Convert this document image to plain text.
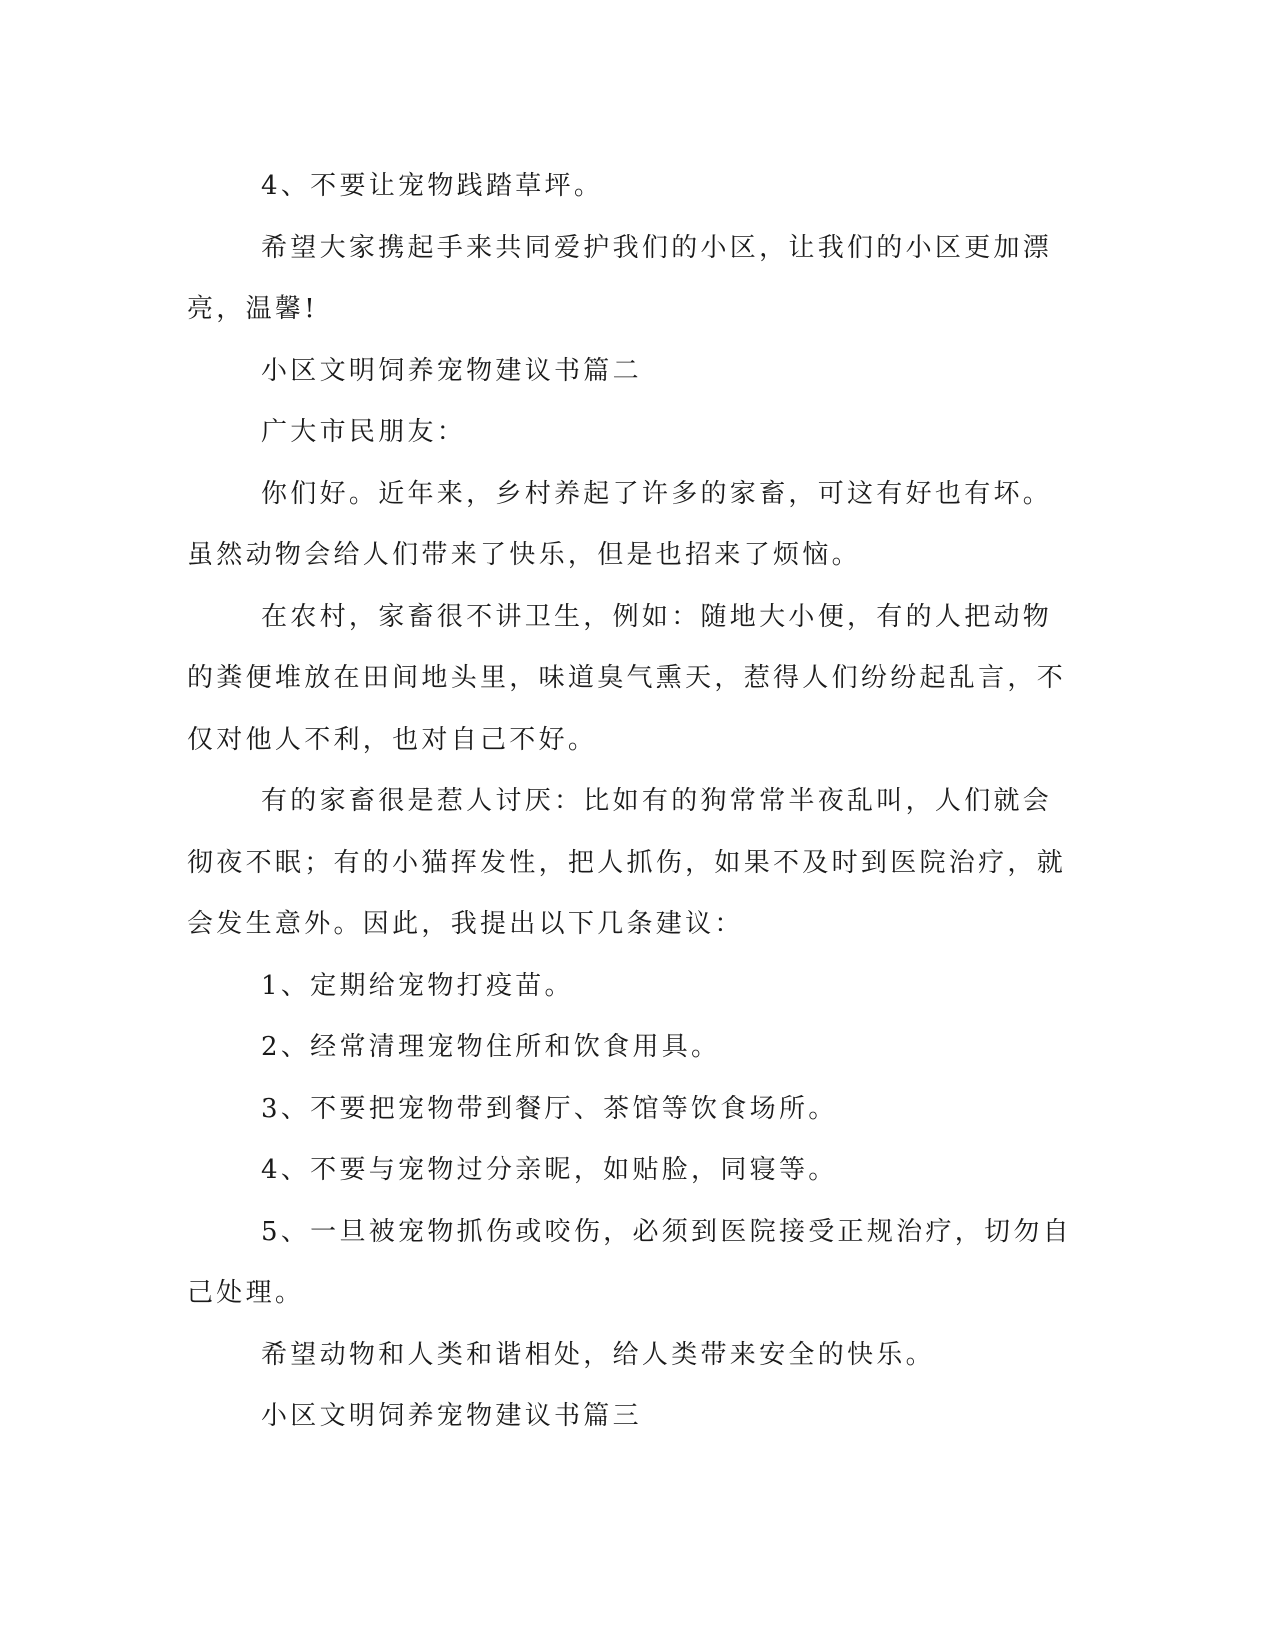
4、不要让宠物践踏草坪。

希望大家携起手来共同爱护我们的小区，让我们的小区更加漂亮，温馨!

小区文明饲养宠物建议书篇二

广大市民朋友：

你们好。近年来，乡村养起了许多的家畜，可这有好也有坏。虽然动物会给人们带来了快乐，但是也招来了烦恼。

在农村，家畜很不讲卫生，例如：随地大小便，有的人把动物的粪便堆放在田间地头里，味道臭气熏天，惹得人们纷纷起乱言，不仅对他人不利，也对自己不好。

有的家畜很是惹人讨厌：比如有的狗常常半夜乱叫，人们就会彻夜不眠；有的小猫挥发性，把人抓伤，如果不及时到医院治疗，就会发生意外。因此，我提出以下几条建议：

1、定期给宠物打疫苗。

2、经常清理宠物住所和饮食用具。

3、不要把宠物带到餐厅、茶馆等饮食场所。

4、不要与宠物过分亲昵，如贴脸，同寝等。

5、一旦被宠物抓伤或咬伤，必须到医院接受正规治疗，切勿自己处理。

希望动物和人类和谐相处，给人类带来安全的快乐。

小区文明饲养宠物建议书篇三
